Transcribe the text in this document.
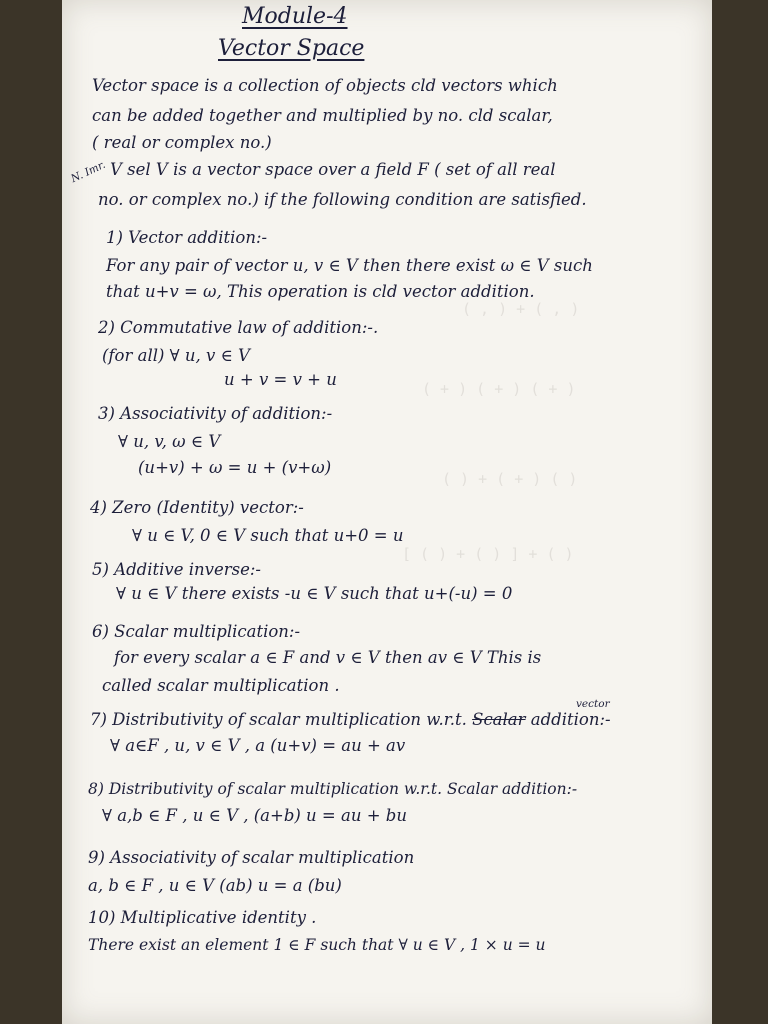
( , ) + ( , )
( + ) ( + ) ( + )
( ) + ( + ) ( )
[ ( ) + ( ) ] + ( )
Module-4
Vector Space
Vector space is a collection of objects cld vectors which
can be added together and multiplied by no. cld scalar,
( real or complex no.)
N. Imr. V sel V is a vector space over a field F ( set of all real
no. or complex no.) if the following condition are satisfied.
1) Vector addition:-
For any pair of vector u, v ∈ V then there exist ω ∈ V such
that u+v = ω, This operation is cld vector addition.
2) Commutative law of addition:-.
(for all) ∀ u, v ∈ V
u + v = v + u
3) Associativity of addition:-
∀ u, v, ω ∈ V
(u+v) + ω = u + (v+ω)
4) Zero (Identity) vector:-
∀ u ∈ V, 0 ∈ V such that u+0 = u
5) Additive inverse:-
∀ u ∈ V there exists -u ∈ V such that u+(-u) = 0
6) Scalar multiplication:-
for every scalar a ∈ F and v ∈ V then av ∈ V This is
called scalar multiplication .
vector
7) Distributivity of scalar multiplication w.r.t. Scalar addition:-
∀ a∈F , u, v ∈ V , a (u+v) = au + av
8) Distributivity of scalar multiplication w.r.t. Scalar addition:-
∀ a,b ∈ F , u ∈ V , (a+b) u = au + bu
9) Associativity of scalar multiplication
a, b ∈ F , u ∈ V (ab) u = a (bu)
10) Multiplicative identity .
There exist an element 1 ∈ F such that ∀ u ∈ V , 1 × u = u
